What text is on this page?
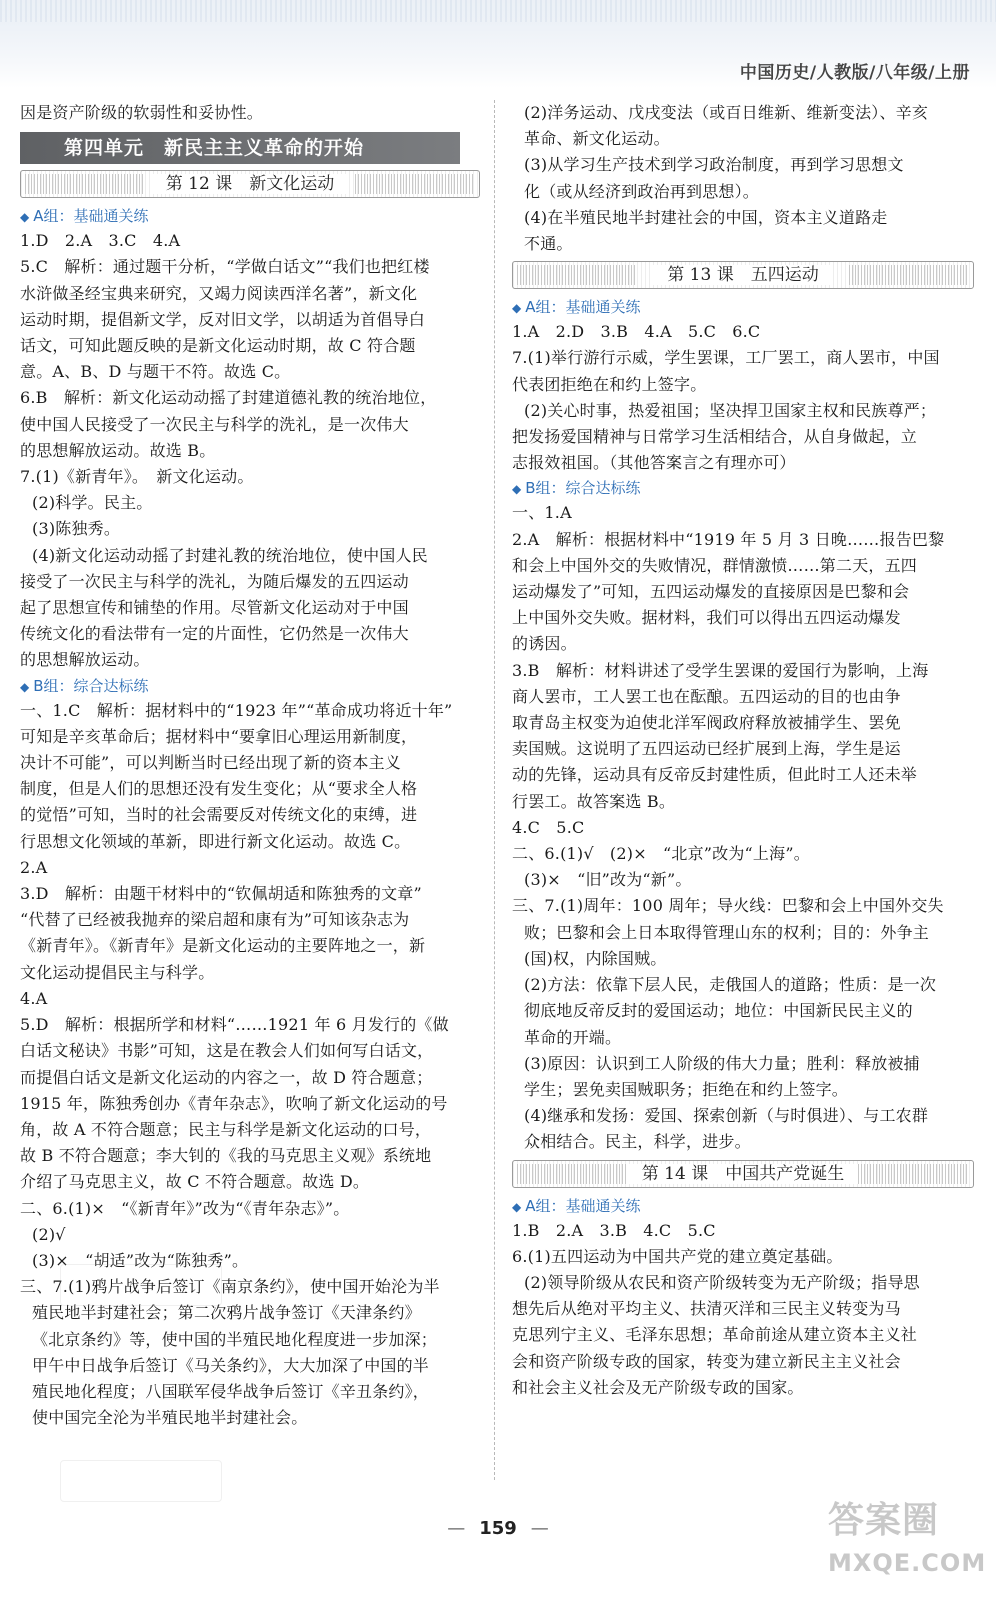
中国历史/人教版/八年级/上册
因是资产阶级的软弱性和妥协性。
第四单元　新民主主义革命的开始
第 12 课　新文化运动
◆ A组：基础通关练
1.D　2.A　3.C　4.A
5.C　解析：通过题干分析，“学做白话文”“我们也把红楼
水浒做圣经宝典来研究，又竭力阅读西洋名著”，新文化
运动时期，提倡新文学，反对旧文学，以胡适为首倡导白
话文，可知此题反映的是新文化运动时期，故 C 符合题
意。A、B、D 与题干不符。故选 C。
6.B　解析：新文化运动动摇了封建道德礼教的统治地位，
使中国人民接受了一次民主与科学的洗礼，是一次伟大
的思想解放运动。故选 B。
7.(1)《新青年》。　新文化运动。
(2)科学。民主。
(3)陈独秀。
(4)新文化运动动摇了封建礼教的统治地位，使中国人民
接受了一次民主与科学的洗礼，为随后爆发的五四运动
起了思想宣传和铺垫的作用。尽管新文化运动对于中国
传统文化的看法带有一定的片面性，它仍然是一次伟大
的思想解放运动。
◆ B组：综合达标练
一、1.C　解析：据材料中的“1923 年”“革命成功将近十年”
可知是辛亥革命后；据材料中“要拿旧心理运用新制度，
决计不可能”，可以判断当时已经出现了新的资本主义
制度，但是人们的思想还没有发生变化；从“要求全人格
的觉悟”可知，当时的社会需要反对传统文化的束缚，进
行思想文化领域的革新，即进行新文化运动。故选 C。
2.A
3.D　解析：由题干材料中的“钦佩胡适和陈独秀的文章”
“代替了已经被我抛弃的梁启超和康有为”可知该杂志为
《新青年》。《新青年》是新文化运动的主要阵地之一，新
文化运动提倡民主与科学。
4.A
5.D　解析：根据所学和材料“……1921 年 6 月发行的《做
白话文秘诀》书影”可知，这是在教会人们如何写白话文，
而提倡白话文是新文化运动的内容之一，故 D 符合题意；
1915 年，陈独秀创办《青年杂志》，吹响了新文化运动的号
角，故 A 不符合题意；民主与科学是新文化运动的口号，
故 B 不符合题意；李大钊的《我的马克思主义观》系统地
介绍了马克思主义，故 C 不符合题意。故选 D。
二、6.(1)×　“《新青年》”改为“《青年杂志》”。
(2)√
(3)×　“胡适”改为“陈独秀”。
三、7.(1)鸦片战争后签订《南京条约》，使中国开始沦为半
殖民地半封建社会；第二次鸦片战争签订《天津条约》
《北京条约》等，使中国的半殖民地化程度进一步加深；
甲午中日战争后签订《马关条约》，大大加深了中国的半
殖民地化程度；八国联军侵华战争后签订《辛丑条约》，
使中国完全沦为半殖民地半封建社会。
(2)洋务运动、戊戌变法（或百日维新、维新变法）、辛亥
革命、新文化运动。
(3)从学习生产技术到学习政治制度，再到学习思想文
化（或从经济到政治再到思想）。
(4)在半殖民地半封建社会的中国，资本主义道路走
不通。
第 13 课　五四运动
◆ A组：基础通关练
1.A　2.D　3.B　4.A　5.C　6.C
7.(1)举行游行示威，学生罢课，工厂罢工，商人罢市，中国
代表团拒绝在和约上签字。
(2)关心时事，热爱祖国；坚决捍卫国家主权和民族尊严；
把发扬爱国精神与日常学习生活相结合，从自身做起，立
志报效祖国。（其他答案言之有理亦可）
◆ B组：综合达标练
一、1.A
2.A　解析：根据材料中“1919 年 5 月 3 日晚……报告巴黎
和会上中国外交的失败情况，群情激愤……第二天，五四
运动爆发了”可知，五四运动爆发的直接原因是巴黎和会
上中国外交失败。据材料，我们可以得出五四运动爆发
的诱因。
3.B　解析：材料讲述了受学生罢课的爱国行为影响，上海
商人罢市，工人罢工也在酝酿。五四运动的目的也由争
取青岛主权变为迫使北洋军阀政府释放被捕学生、罢免
卖国贼。这说明了五四运动已经扩展到上海，学生是运
动的先锋，运动具有反帝反封建性质，但此时工人还未举
行罢工。故答案选 B。
4.C　5.C
二、6.(1)√　(2)×　“北京”改为“上海”。
(3)×　“旧”改为“新”。
三、7.(1)周年：100 周年；导火线：巴黎和会上中国外交失
败；巴黎和会上日本取得管理山东的权利；目的：外争主
(国)权，内除国贼。
(2)方法：依靠下层人民，走俄国人的道路；性质：是一次
彻底地反帝反封的爱国运动；地位：中国新民民主义的
革命的开端。
(3)原因：认识到工人阶级的伟大力量；胜利：释放被捕
学生；罢免卖国贼职务；拒绝在和约上签字。
(4)继承和发扬：爱国、探索创新（与时俱进）、与工农群
众相结合。民主，科学，进步。
第 14 课　中国共产党诞生
◆ A组：基础通关练
1.B　2.A　3.B　4.C　5.C
6.(1)五四运动为中国共产党的建立奠定基础。
(2)领导阶级从农民和资产阶级转变为无产阶级；指导思
想先后从绝对平均主义、扶清灭洋和三民主义转变为马
克思列宁主义、毛泽东思想；革命前途从建立资本主义社
会和资产阶级专政的国家，转变为建立新民主主义社会
和社会主义社会及无产阶级专政的国家。
— 159 —	答案圈
MXQE.COM
